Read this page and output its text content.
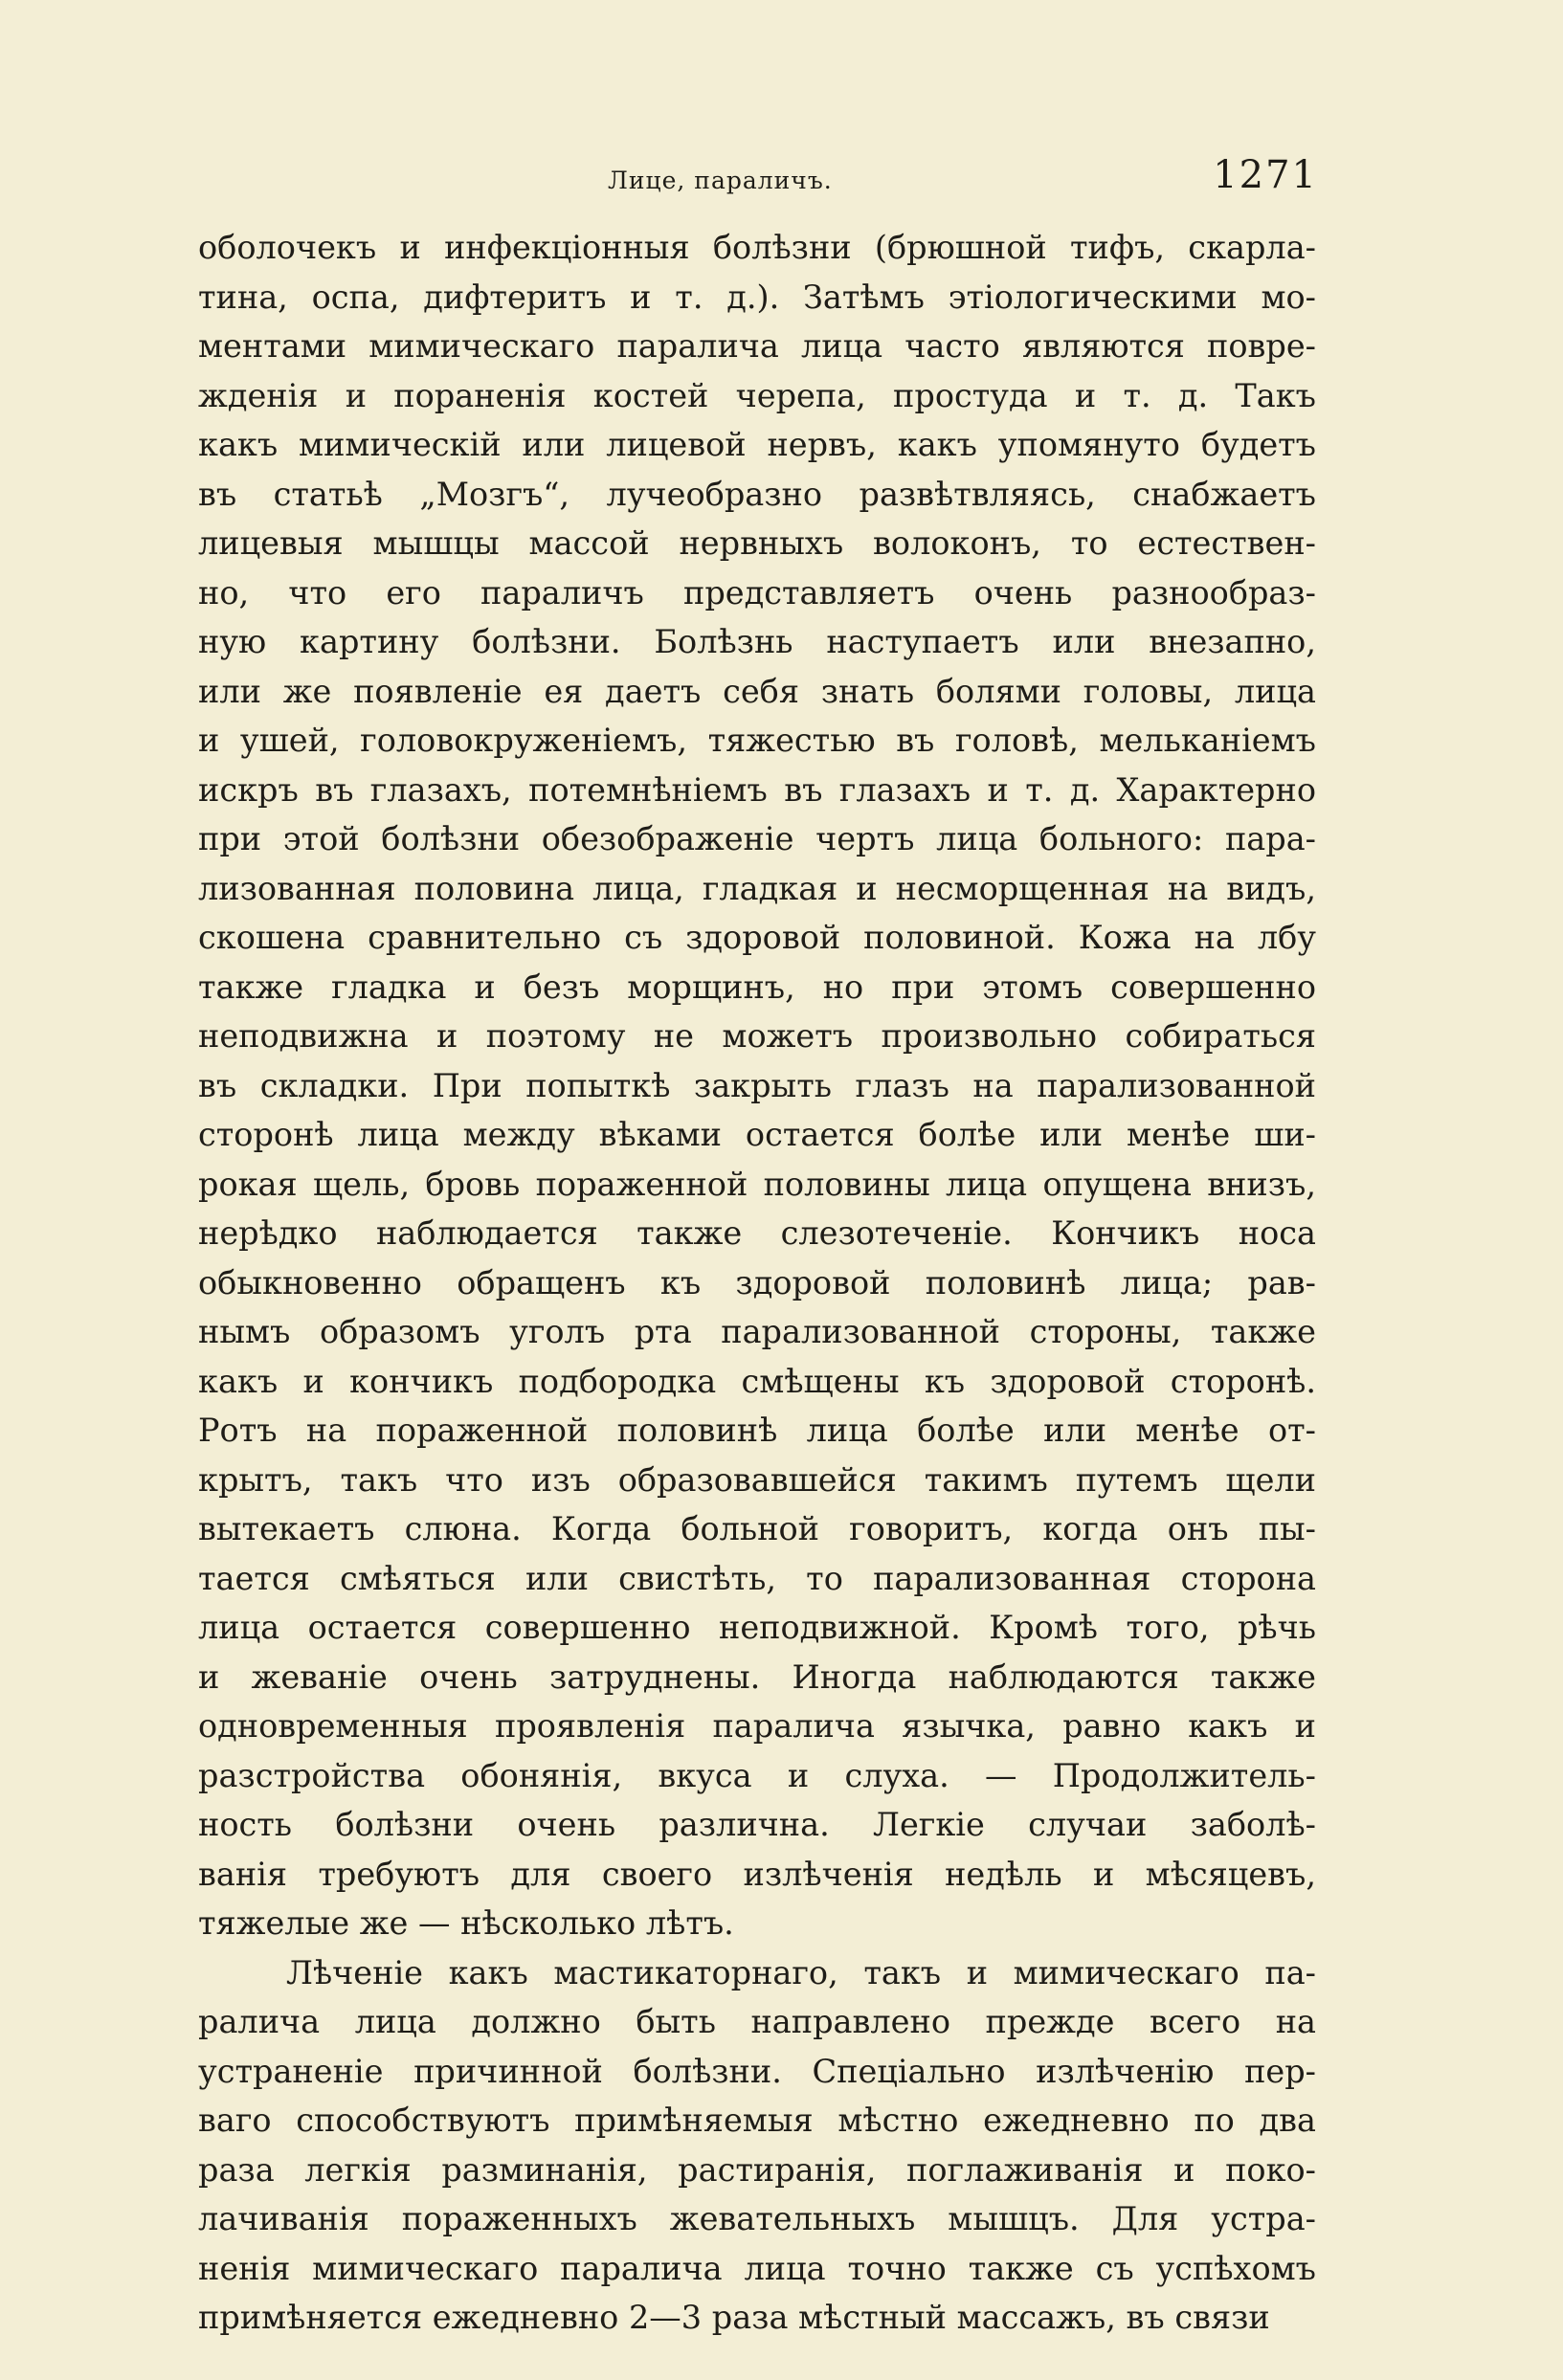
Лице, параличъ.	1271
оболочекъ и инфекціонныя болѣзни (брюшной тифъ, скарла-
тина, оспа, дифтеритъ и т. д.). Затѣмъ этіологическими мо-
ментами мимическаго паралича лица часто являются повре-
жденія и пораненія костей черепа, простуда и т. д. Такъ
какъ мимическій или лицевой нервъ, какъ упомянуто будетъ
въ статьѣ „Мозгъ“, лучеобразно развѣтвляясь, снабжаетъ
лицевыя мышцы массой нервныхъ волоконъ, то естествен-
но, что его параличъ представляетъ очень разнообраз-
ную картину болѣзни. Болѣзнь наступаетъ или внезапно,
или же появленіе ея даетъ себя знать болями головы, лица
и ушей, головокруженіемъ, тяжестью въ головѣ, мельканіемъ
искръ въ глазахъ, потемнѣніемъ въ глазахъ и т. д. Характерно
при этой болѣзни обезображеніе чертъ лица больного: пара-
лизованная половина лица, гладкая и несморщенная на видъ,
скошена сравнительно съ здоровой половиной. Кожа на лбу
также гладка и безъ морщинъ, но при этомъ совершенно
неподвижна и поэтому не можетъ произвольно собираться
въ складки. При попыткѣ закрыть глазъ на парализованной
сторонѣ лица между вѣками остается болѣе или менѣе ши-
рокая щель, бровь пораженной половины лица опущена внизъ,
нерѣдко наблюдается также слезотеченіе. Кончикъ носа
обыкновенно обращенъ къ здоровой половинѣ лица; рав-
нымъ образомъ уголъ рта парализованной стороны, также
какъ и кончикъ подбородка смѣщены къ здоровой сторонѣ.
Ротъ на пораженной половинѣ лица болѣе или менѣе от-
крытъ, такъ что изъ образовавшейся такимъ путемъ щели
вытекаетъ слюна. Когда больной говоритъ, когда онъ пы-
тается смѣяться или свистѣть, то парализованная сторона
лица остается совершенно неподвижной. Кромѣ того, рѣчь
и жеваніе очень затруднены. Иногда наблюдаются также
одновременныя проявленія паралича язычка, равно какъ и
разстройства обонянія, вкуса и слуха. — Продолжитель-
ность болѣзни очень различна. Легкіе случаи заболѣ-
ванія требуютъ для своего излѣченія недѣль и мѣсяцевъ,
тяжелые же — нѣсколько лѣтъ.
Лѣченіе какъ мастикаторнаго, такъ и мимическаго па-
ралича лица должно быть направлено прежде всего на
устраненіе причинной болѣзни. Спеціально излѣченію пер-
ваго способствуютъ примѣняемыя мѣстно ежедневно по два
раза легкія разминанія, растиранія, поглаживанія и поко-
лачиванія пораженныхъ жевательныхъ мышцъ. Для устра-
ненія мимическаго паралича лица точно также съ успѣхомъ
примѣняется ежедневно 2—3 раза мѣстный массажъ, въ связи
